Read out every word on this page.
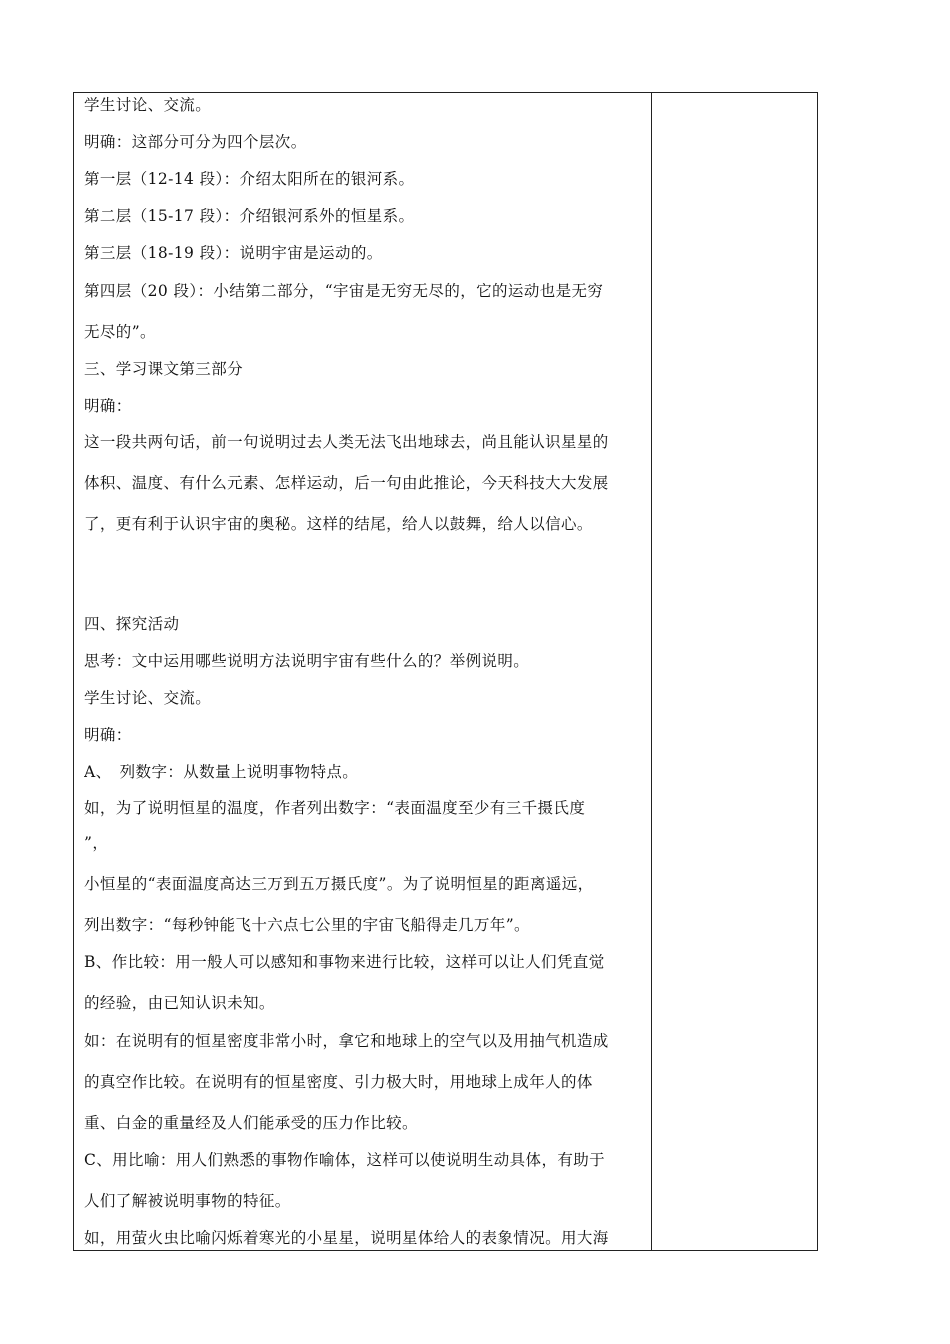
学生讨论、交流。
明确：这部分可分为四个层次。
第一层（12-14 段）：介绍太阳所在的银河系。
第二层（15-17 段）：介绍银河系外的恒星系。
第三层（18-19 段）：说明宇宙是运动的。
第四层（20 段）：小结第二部分，“宇宙是无穷无尽的，它的运动也是无穷
无尽的”。
三、学习课文第三部分
明确：
这一段共两句话，前一句说明过去人类无法飞出地球去，尚且能认识星星的
体积、温度、有什么元素、怎样运动，后一句由此推论，今天科技大大发展
了，更有利于认识宇宙的奥秘。这样的结尾，给人以鼓舞，给人以信心。
四、探究活动
思考：文中运用哪些说明方法说明宇宙有些什么的？举例说明。
学生讨论、交流。
明确：
A、　列数字：从数量上说明事物特点。
如，为了说明恒星的温度，作者列出数字：“表面温度至少有三千摄氏度
”，
小恒星的“表面温度高达三万到五万摄氏度”。为了说明恒星的距离遥远，
列出数字：“每秒钟能飞十六点七公里的宇宙飞船得走几万年”。
B、作比较：用一般人可以感知和事物来进行比较，这样可以让人们凭直觉
的经验，由已知认识未知。
如：在说明有的恒星密度非常小时，拿它和地球上的空气以及用抽气机造成
的真空作比较。在说明有的恒星密度、引力极大时，用地球上成年人的体
重、白金的重量经及人们能承受的压力作比较。
C、用比喻：用人们熟悉的事物作喻体，这样可以使说明生动具体，有助于
人们了解被说明事物的特征。
如，用萤火虫比喻闪烁着寒光的小星星，说明星体给人的表象情况。用大海
